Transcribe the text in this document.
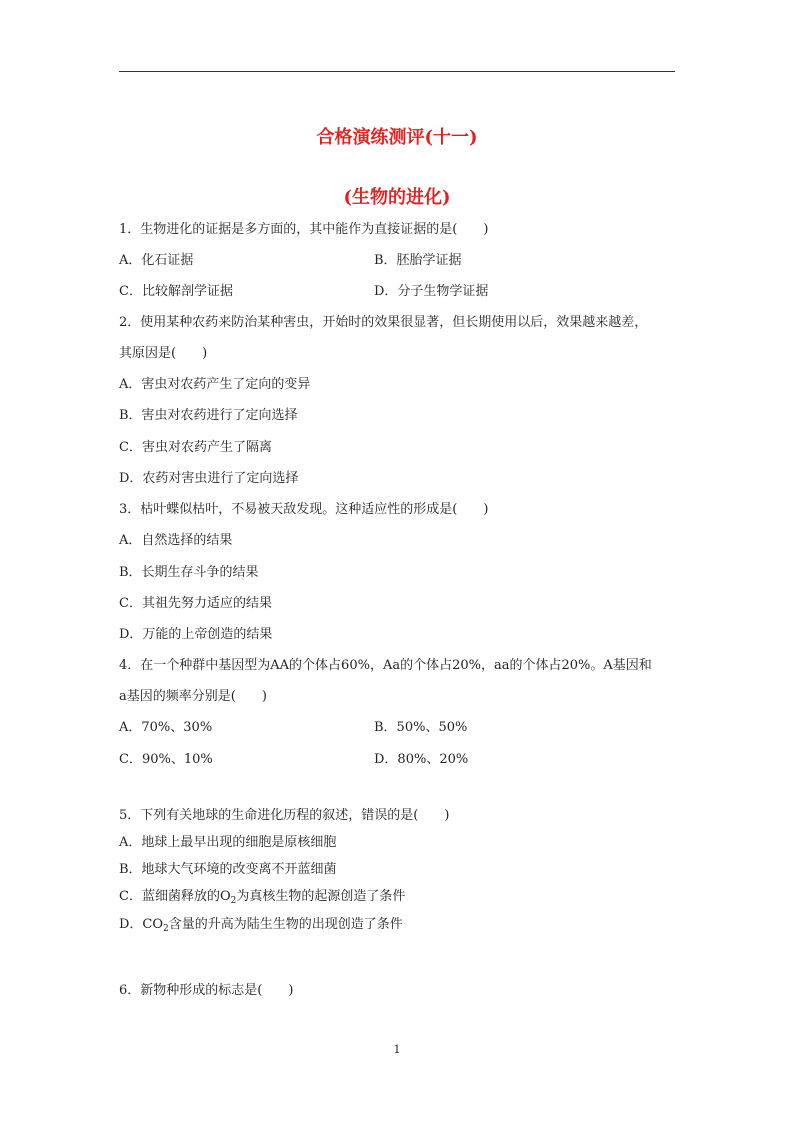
合格演练测评(十一)
(生物的进化)
1．生物进化的证据是多方面的，其中能作为直接证据的是(　　)
A．化石证据	B．胚胎学证据
C．比较解剖学证据	D．分子生物学证据
2．使用某种农药来防治某种害虫，开始时的效果很显著，但长期使用以后，效果越来越差，
其原因是(　　)
A．害虫对农药产生了定向的变异
B．害虫对农药进行了定向选择
C．害虫对农药产生了隔离
D．农药对害虫进行了定向选择
3．枯叶蝶似枯叶，不易被天敌发现。这种适应性的形成是(　　)
A．自然选择的结果
B．长期生存斗争的结果
C．其祖先努力适应的结果
D．万能的上帝创造的结果
4．在一个种群中基因型为AA的个体占60%，Aa的个体占20%，aa的个体占20%。A基因和
a基因的频率分别是(　　)
A．70%、30%	B．50%、50%
C．90%、10%	D．80%、20%
5．下列有关地球的生命进化历程的叙述，错误的是(　　)
A．地球上最早出现的细胞是原核细胞
B．地球大气环境的改变离不开蓝细菌
C．蓝细菌释放的$O_2$为真核生物的起源创造了条件
D．$CO_2$含量的升高为陆生生物的出现创造了条件
6．新物种形成的标志是(　　)
1
